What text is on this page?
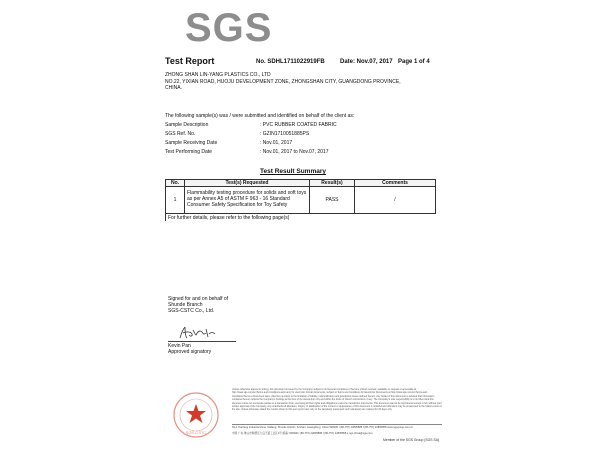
SGS
Test Report	No. SDHL1711022919FB	Date: Nov.07, 2017 Page 1 of 4
ZHONG SHAN LIN-YANG PLASTICS CO., LTD
NO.22, YIXIAN ROAD, HUOJU DEVELOPMENT ZONE, ZHONGSHAN CITY, GUANGDONG PROVINCE,
CHINA.
The following sample(s) was / were submitted and identified on behalf of the client as:
Sample Description	: PVC RUBBER COATED FABRIC
SGS Ref. No.	: GZIN1710051885PS
Sample Receiving Date	: Nov.01, 2017
Test Performing Date	: Nov.01, 2017 to Nov.07, 2017
Test Result Summary
No.	Test(s) Requested	Result(s)	Comments
1	Flammability testing procedure for solids and soft toys as per Annex A5 of ASTM F 963 - 16 Standard Consumer Safety Specification for Toy Safety	PASS	/
For further details, please refer to the following page(s)			
Signed for and on behalf of
Shunde Branch
SGS-CSTC Co., Ltd.
Kevin Pan
Approved signatory
SGS-CSTC
Unless otherwise agreed in writing, this document is issued by the Company subject to its General Conditions of Service printed overleaf, available on request or accessible at http://www.sgs.com/en/Terms-and-Conditions.aspx and, for electronic format documents, subject to Terms and Conditions for Electronic Documents at http://www.sgs.com/en/Terms-and-Conditions/Terms-e-Document.aspx. Attention is drawn to the limitation of liability, indemnification and jurisdiction issues defined therein. Any holder of this document is advised that information contained hereon reflects the Company's findings at the time of its intervention only and within the limits of Client's instructions, if any. The Company's sole responsibility is to its Client and this document does not exonerate parties to a transaction from exercising all their rights and obligations under the transaction documents. This document cannot be reproduced except in full, without prior written approval of the Company. Any unauthorized alteration, forgery or falsification of the content or appearance of this document is unlawful and offenders may be prosecuted to the fullest extent of the law. Unless otherwise stated the results shown in this test report refer only to the sample(s) tested and such sample(s) are retained for 30 days only.
No.1 Tianfeng Industrial Zone, Daliang, Shunde District, Foshan, Guangdong, China 528300 t (86-757) 22805888 f (86-757) 22805858 www.sgsgroup.com.cn
中国·广东·佛山市顺德区大良天富工业区1号 邮编: 528300 t (86-757) 22805888 f (86-757) 22805858 e sgs.china@sgs.com
Member of the SGS Group (SGS SA)
